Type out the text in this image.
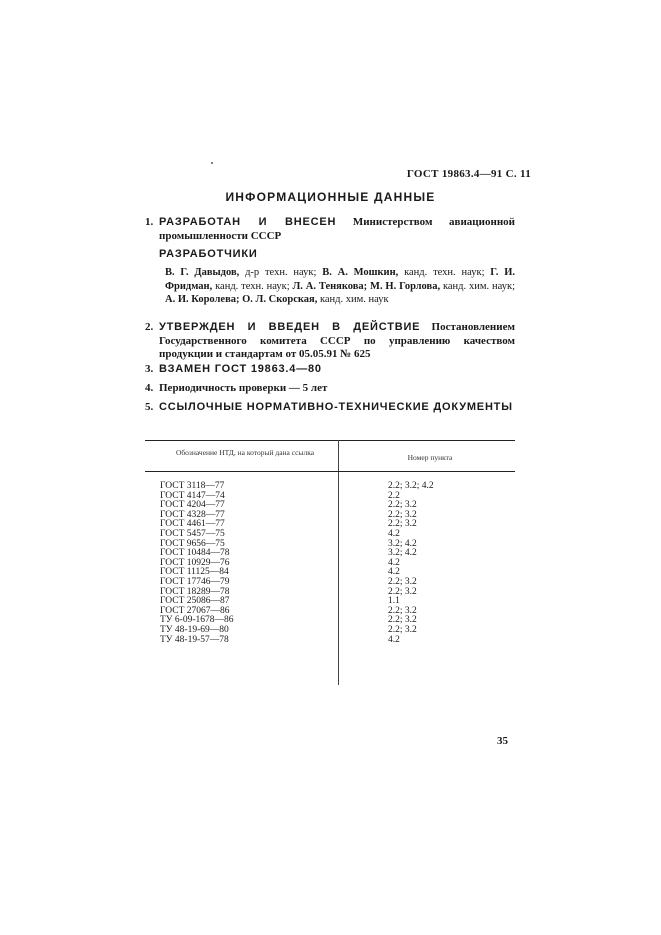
ГОСТ 19863.4—91 С. 11
ИНФОРМАЦИОННЫЕ ДАННЫЕ
1. РАЗРАБОТАН И ВНЕСЕН Министерством авиационной промышленности СССР
РАЗРАБОТЧИКИ
В. Г. Давыдов, д-р техн. наук; В. А. Мошкин, канд. техн. наук; Г. И. Фридман, канд. техн. наук; Л. А. Тенякова; М. Н. Горлова, канд. хим. наук; А. И. Королева; О. Л. Скорская, канд. хим. наук
2. УТВЕРЖДЕН И ВВЕДЕН В ДЕЙСТВИЕ Постановлением Государственного комитета СССР по управлению качеством продукции и стандартам от 05.05.91 № 625
3. ВЗАМЕН ГОСТ 19863.4—80
4. Периодичность проверки — 5 лет
5. ССЫЛОЧНЫЕ НОРМАТИВНО-ТЕХНИЧЕСКИЕ ДОКУМЕНТЫ
Обозначение НТД, на который дана ссылка
Номер пункта
ГОСТ 3118—77	2.2; 3.2; 4.2
ГОСТ 4147—74	2.2
ГОСТ 4204—77	2.2; 3.2
ГОСТ 4328—77	2.2; 3.2
ГОСТ 4461—77	2.2; 3.2
ГОСТ 5457—75	4.2
ГОСТ 9656—75	3.2; 4.2
ГОСТ 10484—78	3.2; 4.2
ГОСТ 10929—76	4.2
ГОСТ 11125—84	4.2
ГОСТ 17746—79	2.2; 3.2
ГОСТ 18289—78	2.2; 3.2
ГОСТ 25086—87	1.1
ГОСТ 27067—86	2.2; 3.2
ТУ 6-09-1678—86	2.2; 3.2
ТУ 48-19-69—80	2.2; 3.2
ТУ 48-19-57—78	4.2
35
